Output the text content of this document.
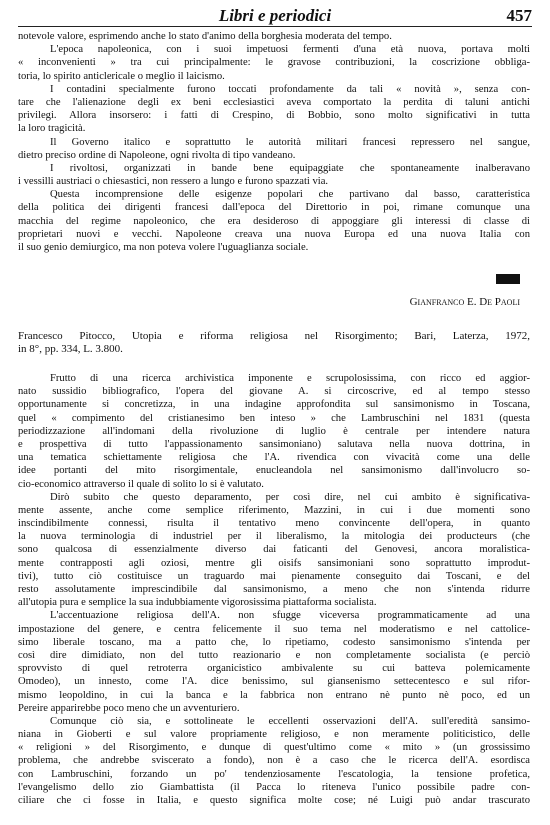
Libri e periodici	457
notevole valore, esprimendo anche lo stato d'animo della borghesia moderata del tempo.
L'epoca napoleonica, con i suoi impetuosi fermenti d'una età nuova, portava molti
« inconvenienti » tra cui principalmente: le gravose contribuzioni, la coscrizione obbliga-
toria, lo spirito anticlericale o meglio il laicismo.
I contadini specialmente furono toccati profondamente da tali « novità », senza con-
tare che l'alienazione degli ex beni ecclesiastici aveva comportato la perdita di taluni antichi
privilegi. Allora insorsero: i fatti di Crespino, di Bobbio, sono molto significativi in tutta
la loro tragicità.
Il Governo italico e soprattutto le autorità militari francesi repressero nel sangue,
dietro preciso ordine di Napoleone, ogni rivolta di tipo vandeano.
I rivoltosi, organizzati in bande bene equipaggiate che spontaneamente inalberavano
i vessilli austriaci o chiesastici, non ressero a lungo e furono spazzati via.
Questa incomprensione delle esigenze popolari che partivano dal basso, caratteristica
della politica dei dirigenti francesi dall'epoca del Direttorio in poi, rimane comunque una
macchia del regime napoleonico, che era desideroso di appoggiare gli interessi di classe di
proprietari nuovi e vecchi. Napoleone creava una nuova Europa ed una nuova Italia con
il suo genio demiurgico, ma non poteva volere l'uguaglianza sociale.
Gianfranco E. De Paoli
Francesco Pitocco, Utopia e riforma religiosa nel Risorgimento; Bari, Laterza, 1972,
in 8°, pp. 334, L. 3.800.
Frutto di una ricerca archivistica imponente e scrupolosissima, con ricco ed aggior-
nato sussidio bibliografico, l'opera del giovane A. si circoscrive, ed al tempo stesso
opportunamente si concretizza, in una indagine approfondita sul sansimonismo in Toscana,
quel « compimento del cristianesimo ben inteso » che Lambruschini nel 1831 (questa
periodizzazione all'indomani della rivoluzione di luglio è centrale per intendere natura
e prospettiva di tutto l'appassionamento sansimoniano) salutava nella nuova dottrina, in
una tematica schiettamente religiosa che l'A. rivendica con vivacità come una delle
idee portanti del mito risorgimentale, enucleandola nel sansimonismo dall'involucro so-
cio-economico attraverso il quale di solito lo si è valutato.
Dirò subito che questo deparamento, per così dire, nel cui ambito è significativa-
mente assente, anche come semplice riferimento, Mazzini, in cui i due momenti sono
inscindibilmente connessi, risulta il tentativo meno convincente dell'opera, in quanto
la nuova terminologia di industriel per il liberalismo, la mitologia dei producteurs (che
sono qualcosa di essenzialmente diverso dai faticanti del Genovesi, ancora moralistica-
mente contrapposti agli oziosi, mentre gli oisifs sansimoniani sono soprattutto improdut-
tivi), tutto ciò costituisce un traguardo mai pienamente conseguito dai Toscani, e del
resto assolutamente imprescindibile dal sansimonismo, a meno che non s'intenda ridurre
all'utopia pura e semplice la sua indubbiamente vigorosissima piattaforma socialista.
L'accentuazione religiosa dell'A. non sfugge viceversa programmaticamente ad una
impostazione del genere, e centra felicemente il suo tema nel moderatismo e nel cattolice-
simo liberale toscano, ma a patto che, lo ripetiamo, codesto sansimonismo s'intenda per
così dire dimidiato, non del tutto reazionario e non completamente socialista (e perciò
sprovvisto di quel retroterra organicistico ambivalente su cui batteva polemicamente
Omodeo), un innesto, come l'A. dice benissimo, sul giansenismo settecentesco e sul rifor-
mismo leopoldino, in cui la banca e la fabbrica non entrano nè punto nè poco, ed un
Pereire apparirebbe poco meno che un avventuriero.
Comunque ciò sia, e sottolineate le eccellenti osservazioni dell'A. sull'eredità sansimo-
niana in Gioberti e sul valore propriamente religioso, e non meramente politicistico, delle
« religioni » del Risorgimento, e dunque di quest'ultimo come « mito » (un grossissimo
problema, che andrebbe sviscerato a fondo), non è a caso che le ricerca dell'A. esordisca
con Lambruschini, forzando un po' tendenziosamente l'escatologia, la tensione profetica,
l'evangelismo dello zio Giambattista (il Pacca lo riteneva l'unico possibile padre con-
ciliare che ci fosse in Italia, e questo significa molte cose; né Luigi può andar trascurato
